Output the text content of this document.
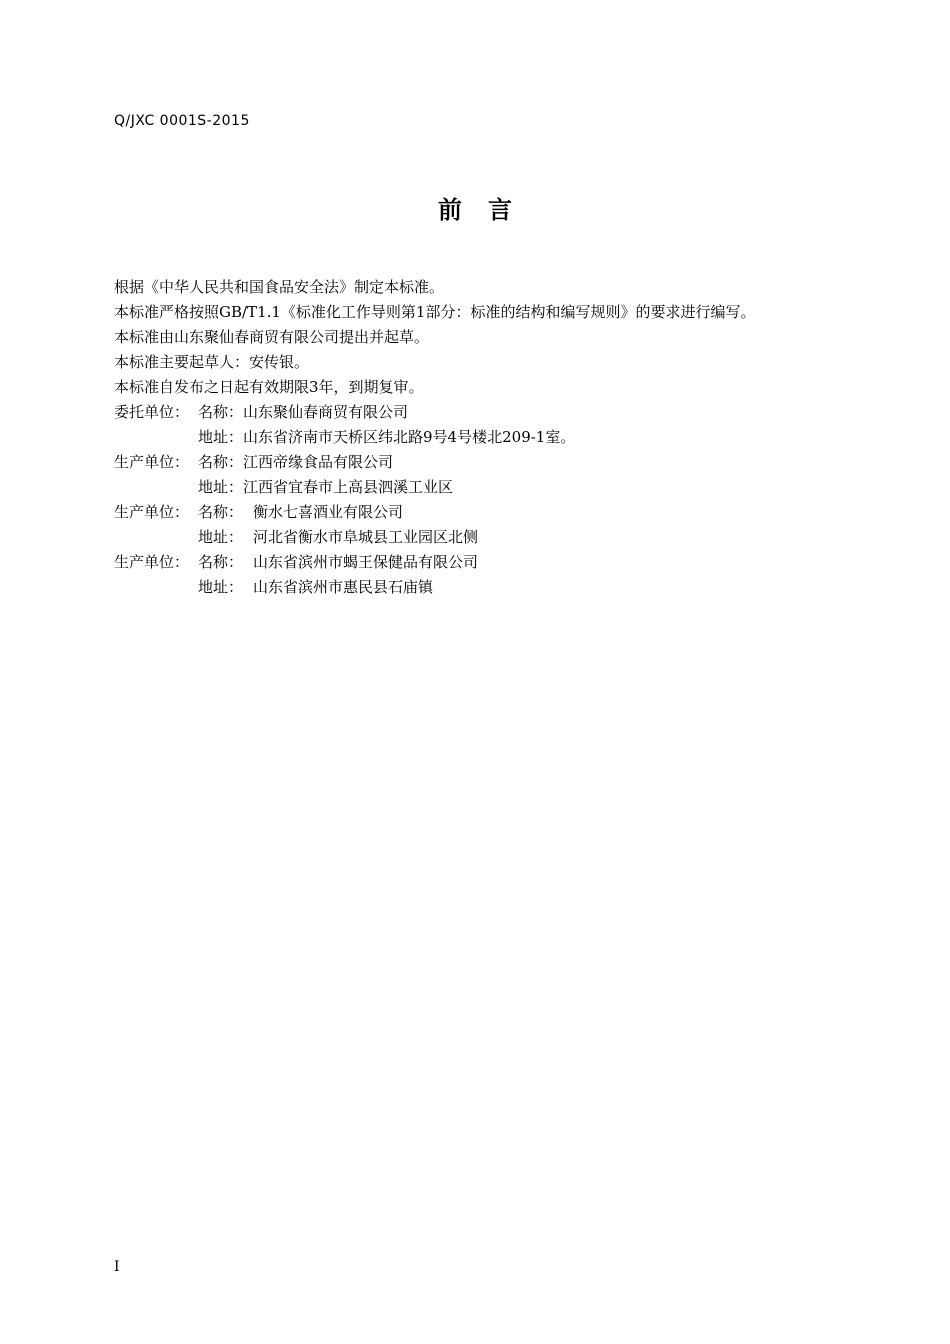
Q/JXC 0001S-2015
前 言
根据《中华人民共和国食品安全法》制定本标准。
本标准严格按照GB/T1.1《标准化工作导则第1部分：标准的结构和编写规则》的要求进行编写。
本标准由山东聚仙春商贸有限公司提出并起草。
本标准主要起草人：安传银。
本标准自发布之日起有效期限3年，到期复审。
委托单位： 名称： 山东聚仙春商贸有限公司
地址： 山东省济南市天桥区纬北路9号4号楼北209-1室。
生产单位： 名称： 江西帝缘食品有限公司
地址： 江西省宜春市上高县泗溪工业区
生产单位： 名称： 衡水七喜酒业有限公司
地址： 河北省衡水市阜城县工业园区北侧
生产单位： 名称： 山东省滨州市蝎王保健品有限公司
地址： 山东省滨州市惠民县石庙镇
I
